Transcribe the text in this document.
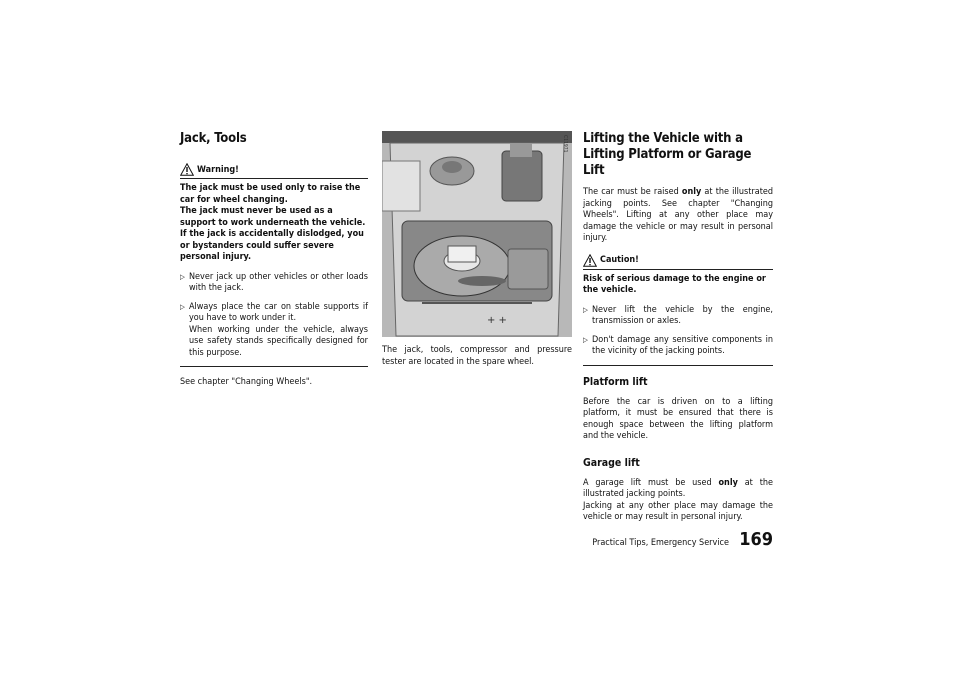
Jack, Tools
Warning!
The jack must be used only to raise the car for wheel changing.
The jack must never be used as a support to work underneath the vehicle. If the jack is accidentally dislodged, you or bystanders could suffer severe personal injury.
▷ Never jack up other vehicles or other loads with the jack.
▷ Always place the car on stable supports if you have to work under it.
When working under the vehicle, always use safety stands specifically designed for this purpose.

See chapter "Changing Wheels".

+ +
C11971

The jack, tools, compressor and pressure tester are located in the spare wheel.

Lifting the Vehicle with a Lifting Platform or Garage Lift

The car must be raised only at the illustrated jacking points. See chapter "Changing Wheels". Lifting at any other place may damage the vehicle or may result in personal injury.

Caution!
Risk of serious damage to the engine or the vehicle.
▷ Never lift the vehicle by the engine, transmission or axles.
▷ Don't damage any sensitive components in the vicinity of the jacking points.
Platform lift

Before the car is driven on to a lifting platform, it must be ensured that there is enough space between the lifting platform and the vehicle.

Garage lift

A garage lift must be used only at the illustrated jacking points.

Jacking at any other place may damage the vehicle or may result in personal injury.

Practical Tips, Emergency Service 169
